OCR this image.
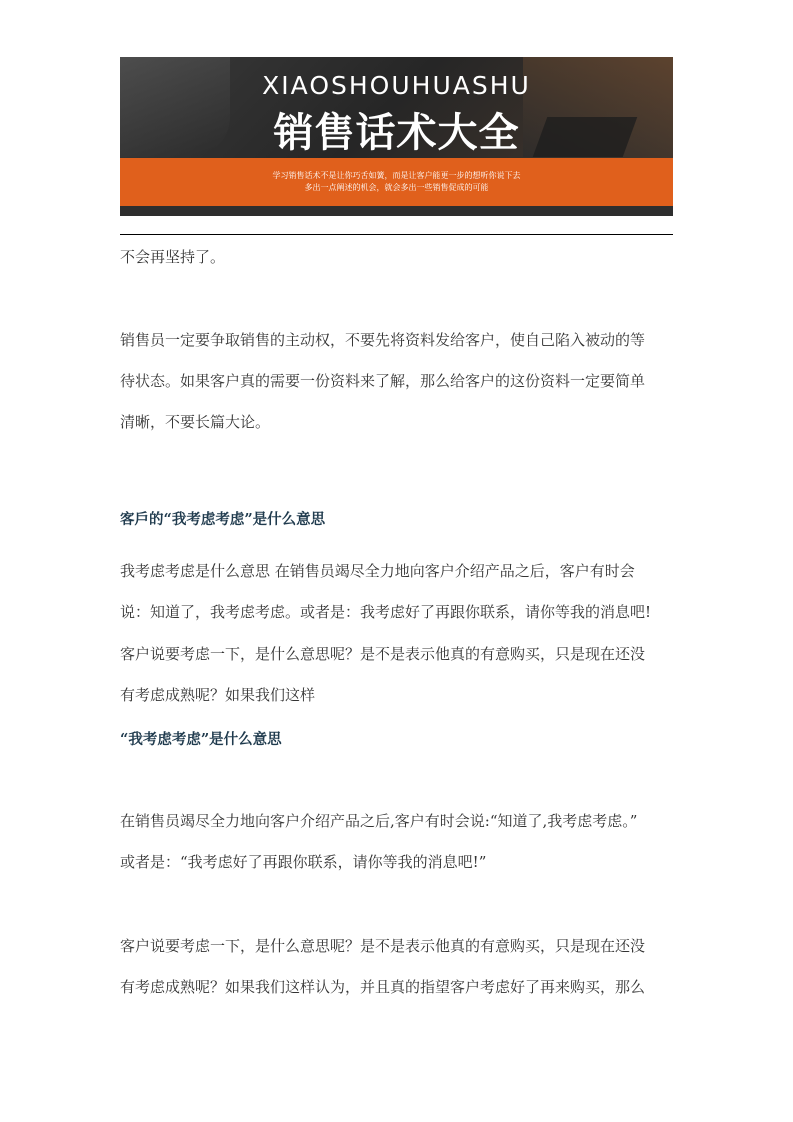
XIAOSHOUHUASHU
销售话术大全
学习销售话术不是让你巧舌如簧，而是让客户能更一步的想听你说下去
多出一点阐述的机会，就会多出一些销售促成的可能
不会再坚持了。
销售员一定要争取销售的主动权，不要先将资料发给客户，使自己陷入被动的等
待状态。如果客户真的需要一份资料来了解，那么给客户的这份资料一定要简单
清晰，不要长篇大论。
客戶的“我考虑考虑”是什么意思
我考虑考虑是什么意思 在销售员竭尽全力地向客户介绍产品之后，客户有时会
说：知道了，我考虑考虑。或者是：我考虑好了再跟你联系，请你等我的消息吧!
客户说要考虑一下，是什么意思呢？是不是表示他真的有意购买，只是现在还没
有考虑成熟呢？如果我们这样
“我考虑考虑”是什么意思
在销售员竭尽全力地向客户介绍产品之后,客户有时会说:“知道了,我考虑考虑。”
或者是：“我考虑好了再跟你联系，请你等我的消息吧!”
客户说要考虑一下，是什么意思呢？是不是表示他真的有意购买，只是现在还没
有考虑成熟呢？如果我们这样认为，并且真的指望客户考虑好了再来购买，那么
